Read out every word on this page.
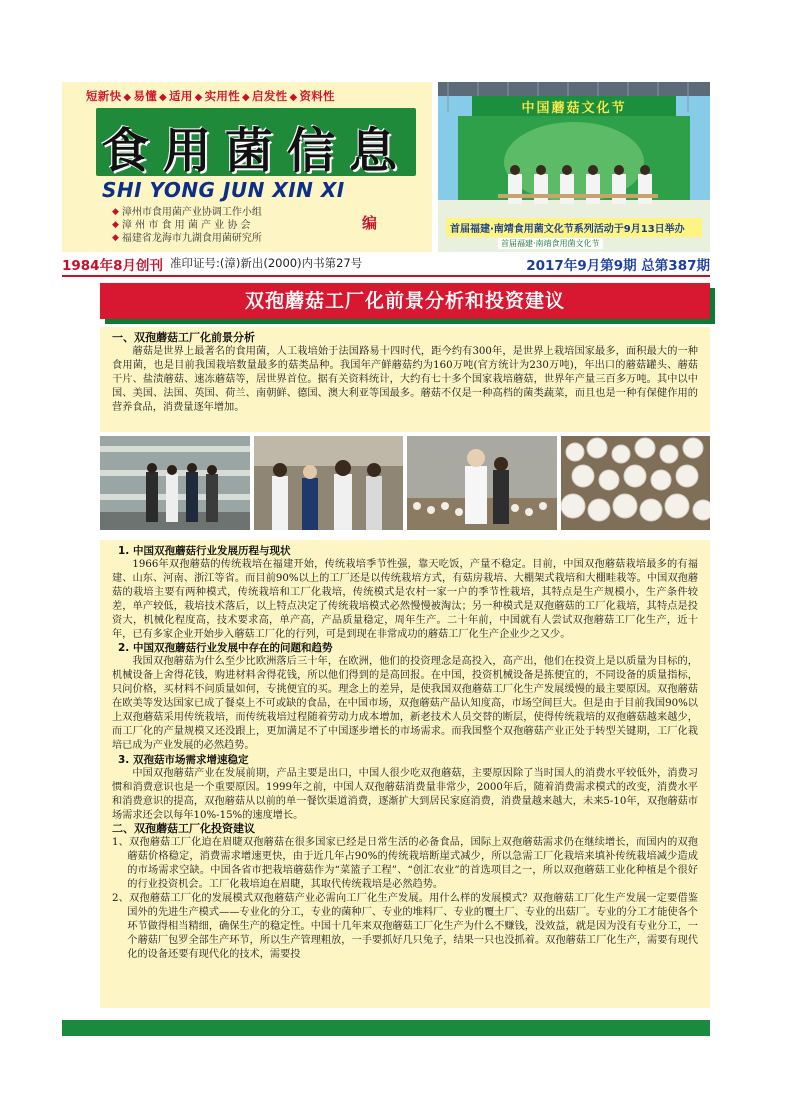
短新快 ◆ 易懂 ◆ 适用 ◆ 实用性 ◆ 启发性 ◆ 资料性
食用菌信息
SHI YONG JUN XIN XI
◆ 漳州市食用菌产业协调工作小组
◆ 漳 州 市 食 用 菌 产 业 协 会
◆ 福建省龙海市九湖食用菌研究所
编
中国蘑菇文化节
首届福建·南靖食用菌文化节系列活动于9月13日举办
首届福建·南靖食用菌文化节
1984年8月创刊 准印证号:(漳)新出(2000)内书第27号	2017年9月第9期 总第387期
双孢蘑菇工厂化前景分析和投资建议
一、双孢蘑菇工厂化前景分析
蘑菇是世界上最著名的食用菌，人工栽培始于法国路易十四时代，距今约有300年，是世界上栽培国家最多，面积最大的一种食用菌，也是目前我国栽培数量最多的菇类品种。我国年产鲜蘑菇约为160万吨(官方统计为230万吨)，年出口的蘑菇罐头、蘑菇干片、盐渍蘑菇、速冻蘑菇等，居世界首位。据有关资料统计，大约有七十多个国家栽培蘑菇，世界年产量三百多万吨。其中以中国、美国、法国、英国、荷兰、南朝鲜、德国、澳大利亚等国最多。蘑菇不仅是一种高档的菌类蔬菜，而且也是一种有保健作用的营养食品，消费量逐年增加。
1. 中国双孢蘑菇行业发展历程与现状
1966年双孢蘑菇的传统栽培在福建开始，传统栽培季节性强，靠天吃饭，产量不稳定。目前，中国双孢蘑菇栽培最多的有福建、山东、河南、浙江等省。而目前90%以上的工厂还是以传统栽培方式，有菇房栽培、大棚架式栽培和大棚畦栽等。中国双孢蘑菇的栽培主要有两种模式，传统栽培和工厂化栽培，传统模式是农村一家一户的季节性栽培，其特点是生产规模小，生产条件较差，单产较低，栽培技术落后，以上特点决定了传统栽培模式必然慢慢被淘汰；另一种模式是双孢蘑菇的工厂化栽培，其特点是投资大，机械化程度高，技术要求高，单产高，产品质量稳定，周年生产。二十年前，中国就有人尝试双孢蘑菇工厂化生产，近十年，已有多家企业开始步入蘑菇工厂化的行列，可是到现在非常成功的蘑菇工厂化生产企业少之又少。
2. 中国双孢蘑菇行业发展中存在的问题和趋势
我国双孢蘑菇为什么至少比欧洲落后三十年，在欧洲，他们的投资理念是高投入，高产出，他们在投资上是以质量为目标的，机械设备上舍得花钱，购进材料舍得花钱，所以他们得到的是高回报。在中国，投资机械设备是拣便宜的，不同设备的质量指标，只问价格，买材料不问质量如何，专挑便宜的买。理念上的差异，是使我国双孢蘑菇工厂化生产发展缓慢的最主要原因。双孢蘑菇在欧美等发达国家已成了餐桌上不可或缺的食品，在中国市场，双孢蘑菇产品认知度高，市场空间巨大。但是由于目前我国90%以上双孢蘑菇采用传统栽培，而传统栽培过程随着劳动力成本增加，新老技术人员交替的断层，使得传统栽培的双孢蘑菇越来越少，而工厂化的产量规模又还没跟上，更加满足不了中国逐步增长的市场需求。而我国整个双孢蘑菇产业正处于转型关键期，工厂化栽培已成为产业发展的必然趋势。
3. 双孢菇市场需求增速稳定
中国双孢蘑菇产业在发展前期，产品主要是出口，中国人很少吃双孢蘑菇，主要原因除了当时国人的消费水平较低外，消费习惯和消费意识也是一个重要原因。1999年之前，中国人双孢蘑菇消费量非常少，2000年后，随着消费需求模式的改变，消费水平和消费意识的提高，双孢蘑菇从以前的单一餐饮渠道消费，逐渐扩大到居民家庭消费，消费量越来越大，未来5-10年，双孢蘑菇市场需求还会以每年10%-15%的速度增长。
二、双孢蘑菇工厂化投资建议
1、双孢蘑菇工厂化迫在眉睫双孢蘑菇在很多国家已经是日常生活的必备食品，国际上双孢蘑菇需求仍在继续增长，而国内的双孢蘑菇价格稳定，消费需求增速更快，由于近几年占90%的传统栽培断崖式减少，所以急需工厂化栽培来填补传统栽培减少造成的市场需求空缺。中国各省市把栽培蘑菇作为“菜篮子工程”、“创汇农业”的首选项目之一，所以双孢蘑菇工业化种植是个很好的行业投资机会。工厂化栽培迫在眉睫，其取代传统栽培是必然趋势。
2、双孢蘑菇工厂化的发展模式双孢蘑菇产业必需向工厂化生产发展。用什么样的发展模式？双孢蘑菇工厂化生产发展一定要借鉴国外的先进生产模式——专业化的分工，专业的菌种厂、专业的堆料厂、专业的覆土厂、专业的出菇厂。专业的分工才能使各个环节做得相当精细，确保生产的稳定性。中国十几年来双孢蘑菇工厂化生产为什么不赚钱，没效益，就是因为没有专业分工，一个蘑菇厂包罗全部生产环节，所以生产管理粗放，一手要抓好几只兔子，结果一只也没抓着。双孢蘑菇工厂化生产，需要有现代化的设备还要有现代化的技术，需要投
